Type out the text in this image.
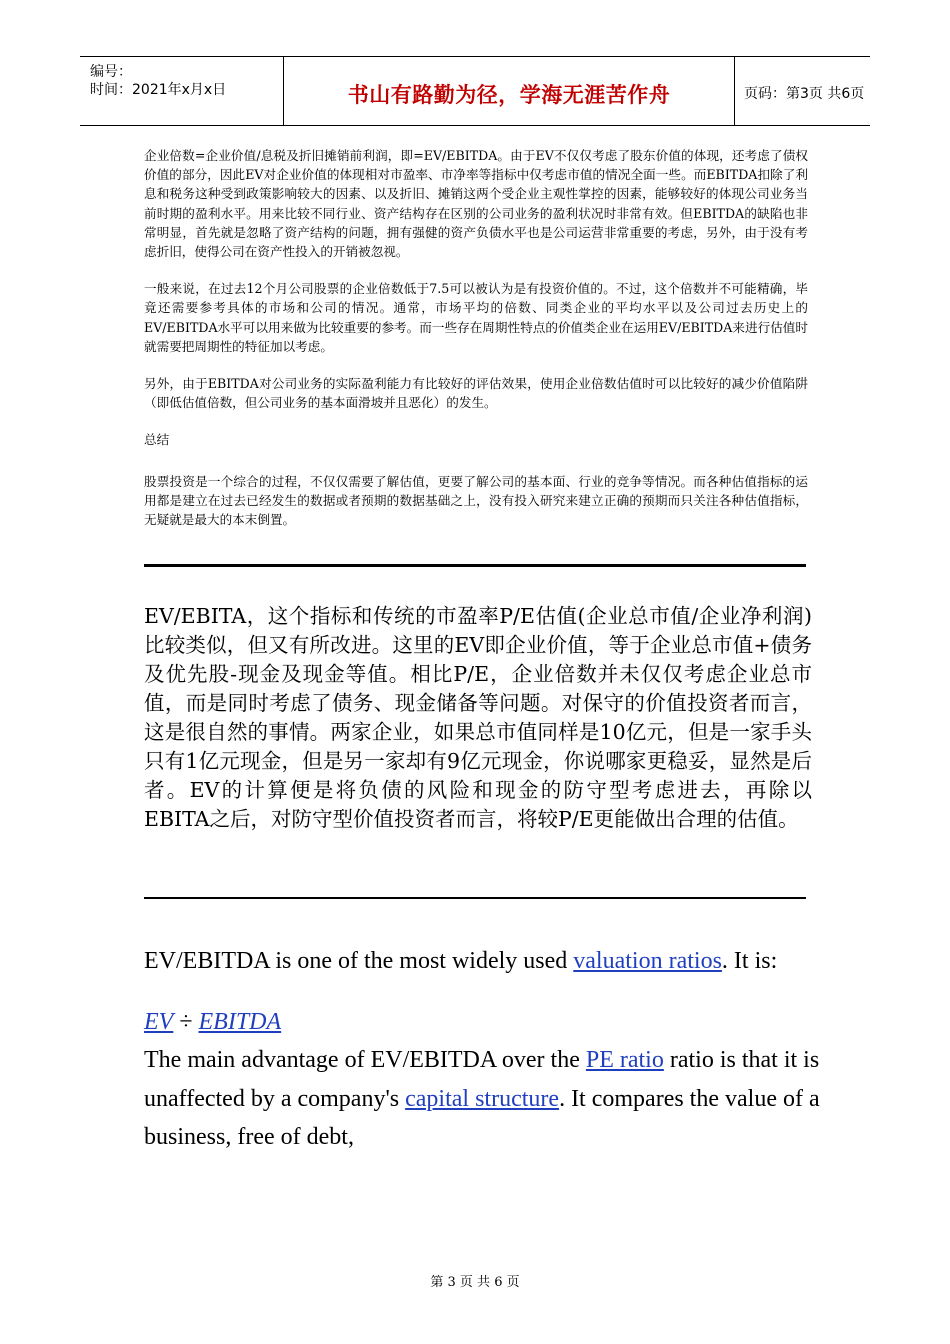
编号：
时间：2021年x月x日	书山有路勤为径，学海无涯苦作舟	页码：第3页 共6页

企业倍数=企业价值/息税及折旧摊销前利润，即=EV/EBITDA。由于EV不仅仅考虑了股东价值的体现，还考虑了债权价值的部分，因此EV对企业价值的体现相对市盈率、市净率等指标中仅考虑市值的情况全面一些。而EBITDA扣除了利息和税务这种受到政策影响较大的因素、以及折旧、摊销这两个受企业主观性掌控的因素，能够较好的体现公司业务当前时期的盈利水平。用来比较不同行业、资产结构存在区别的公司业务的盈利状况时非常有效。但EBITDA的缺陷也非常明显，首先就是忽略了资产结构的问题，拥有强健的资产负债水平也是公司运营非常重要的考虑，另外，由于没有考虑折旧，使得公司在资产性投入的开销被忽视。

一般来说，在过去12个月公司股票的企业倍数低于7.5可以被认为是有投资价值的。不过，这个倍数并不可能精确，毕竟还需要参考具体的市场和公司的情况。通常，市场平均的倍数、同类企业的平均水平以及公司过去历史上的EV/EBITDA水平可以用来做为比较重要的参考。而一些存在周期性特点的价值类企业在运用EV/EBITDA来进行估值时就需要把周期性的特征加以考虑。

另外，由于EBITDA对公司业务的实际盈利能力有比较好的评估效果，使用企业倍数估值时可以比较好的减少价值陷阱（即低估值倍数，但公司业务的基本面滑坡并且恶化）的发生。

总结

股票投资是一个综合的过程，不仅仅需要了解估值，更要了解公司的基本面、行业的竞争等情况。而各种估值指标的运用都是建立在过去已经发生的数据或者预期的数据基础之上，没有投入研究来建立正确的预期而只关注各种估值指标，无疑就是最大的本末倒置。

EV/EBITA，这个指标和传统的市盈率P/E估值(企业总市值/企业净利润)比较类似，但又有所改进。这里的EV即企业价值，等于企业总市值+债务及优先股-现金及现金等值。相比P/E，企业倍数并未仅仅考虑企业总市值，而是同时考虑了债务、现金储备等问题。对保守的价值投资者而言，这是很自然的事情。两家企业，如果总市值同样是10亿元，但是一家手头只有1亿元现金，但是另一家却有9亿元现金，你说哪家更稳妥，显然是后者。EV的计算便是将负债的风险和现金的防守型考虑进去，再除以EBITA之后，对防守型价值投资者而言，将较P/E更能做出合理的估值。

EV/EBITDA is one of the most widely used valuation ratios. It is:

EV ÷ EBITDA

The main advantage of EV/EBITDA over the PE ratio ratio is that it is unaffected by a company's capital structure. It compares the value of a business, free of debt,

第 3 页 共 6 页
